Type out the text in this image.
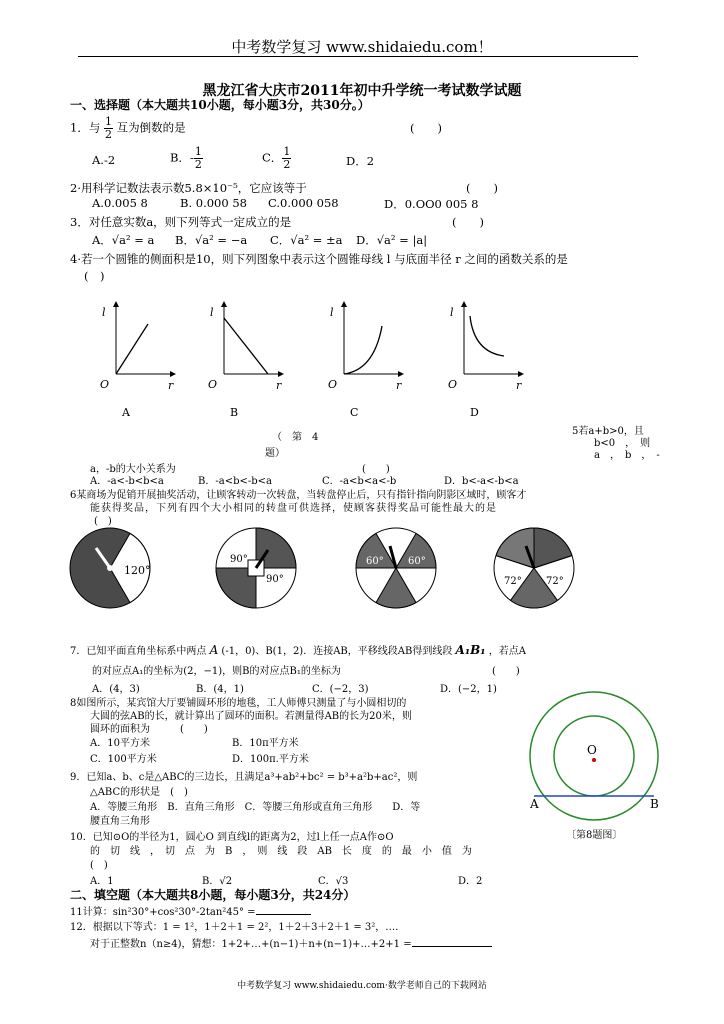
中考数学复习 www.shidaiedu.com！
黑龙江省大庆市2011年初中升学统一考试数学试题
一、选择题（本大题共10小题，每小题3分，共30分。）
1．与 $\frac{1}{2}$ 互为倒数的是	(　　)
A.-2	B．- $\frac{1}{2}$	C． $\frac{1}{2}$	D．2
2·用科学记数法表示数5.8×10⁻⁵，它应该等于	(　　)
A.0.005 8	B. 0.000 58 C.0.000 058	D．0.OO0 005 8
3．对任意实数a，则下列等式一定成立的是	(　　)
A．√a² = a B．√a² = −a C．√a² = ±a D．√a² = |a|
4·若一个圆锥的侧面积是10，则下列图象中表示这个圆锥母线 l 与底面半径 r 之间的函数关系的是
(　)
l
r
O
A
l
r
O
B
l
r
O
C
l
r
O
D
（　第　4
题）
5若a+b>0，且
b<0　，　则
a　，　b　，　-
a，-b的大小关系为	(　　)
A．-a<-b<b<a	B．-a<b<-b<a	C．-a<b<a<-b	D．b<-a<-b<a
6某商场为促销开展抽奖活动，让顾客转动一次转盘，当转盘停止后，只有指针指向阴影区域时，顾客才
能获得奖品，下列有四个大小相同的转盘可供选择，使顾客获得奖品可能性最大的是
(　)
120°
90°
90°
60° 60°
72° 72°
7．已知平面直角坐标系中两点 A (-1，0)、B(1，2)．连接AB，平移线段AB得到线段 A₁B₁ ，若点A
的对应点A₁的坐标为(2，−1)，则B的对应点B₁的坐标为	(　　)
A．(4，3)	B．(4，1)	C．(−2，3)	D．(−2，1)
8如图所示，某宾馆大厅要铺圆环形的地毯，工人师傅只测量了与小圆相切的
大圆的弦AB的长，就计算出了圆环的面积。若测量得AB的长为20米，则
圆环的面积为　　　(　　)
A．10平方米	B．10π平方米
C．100平方米	D．100π.平方米
O
A	B
〔第8题图〕
9．已知a、b、c是△ABC的三边长，且满足a³+ab²+bc² = b³+a²b+ac²，则
△ABC的形状是　(　)
A．等腰三角形　B．直角三角形　C．等腰三角形或直角三角形　　D．等
腰直角三角形
10．已知⊙O的半径为1，圆心O 到直线l的距离为2，过l上任一点A作⊙O
的　切　线　，　切　点　为　B　，　则　线　段　AB　长　度　的　最　小　值　为
(　)
A．1	B．√2	C．√3	D．2
二、填空题（本大题共8小题，每小题3分，共24分）
11计算：sin²30°+cos²30°-2tan²45° =
12．根据以下等式：1 = 1²，1＋2＋1 = 2²，1＋2＋3＋2＋1 = 3²，…．
对于正整数n（n≥4)，猜想：1+2+…+(n−1)＋n+(n−1)+…+2+1 =
中考数学复习 www.shidaiedu.com·数学老师自己的下载网站
